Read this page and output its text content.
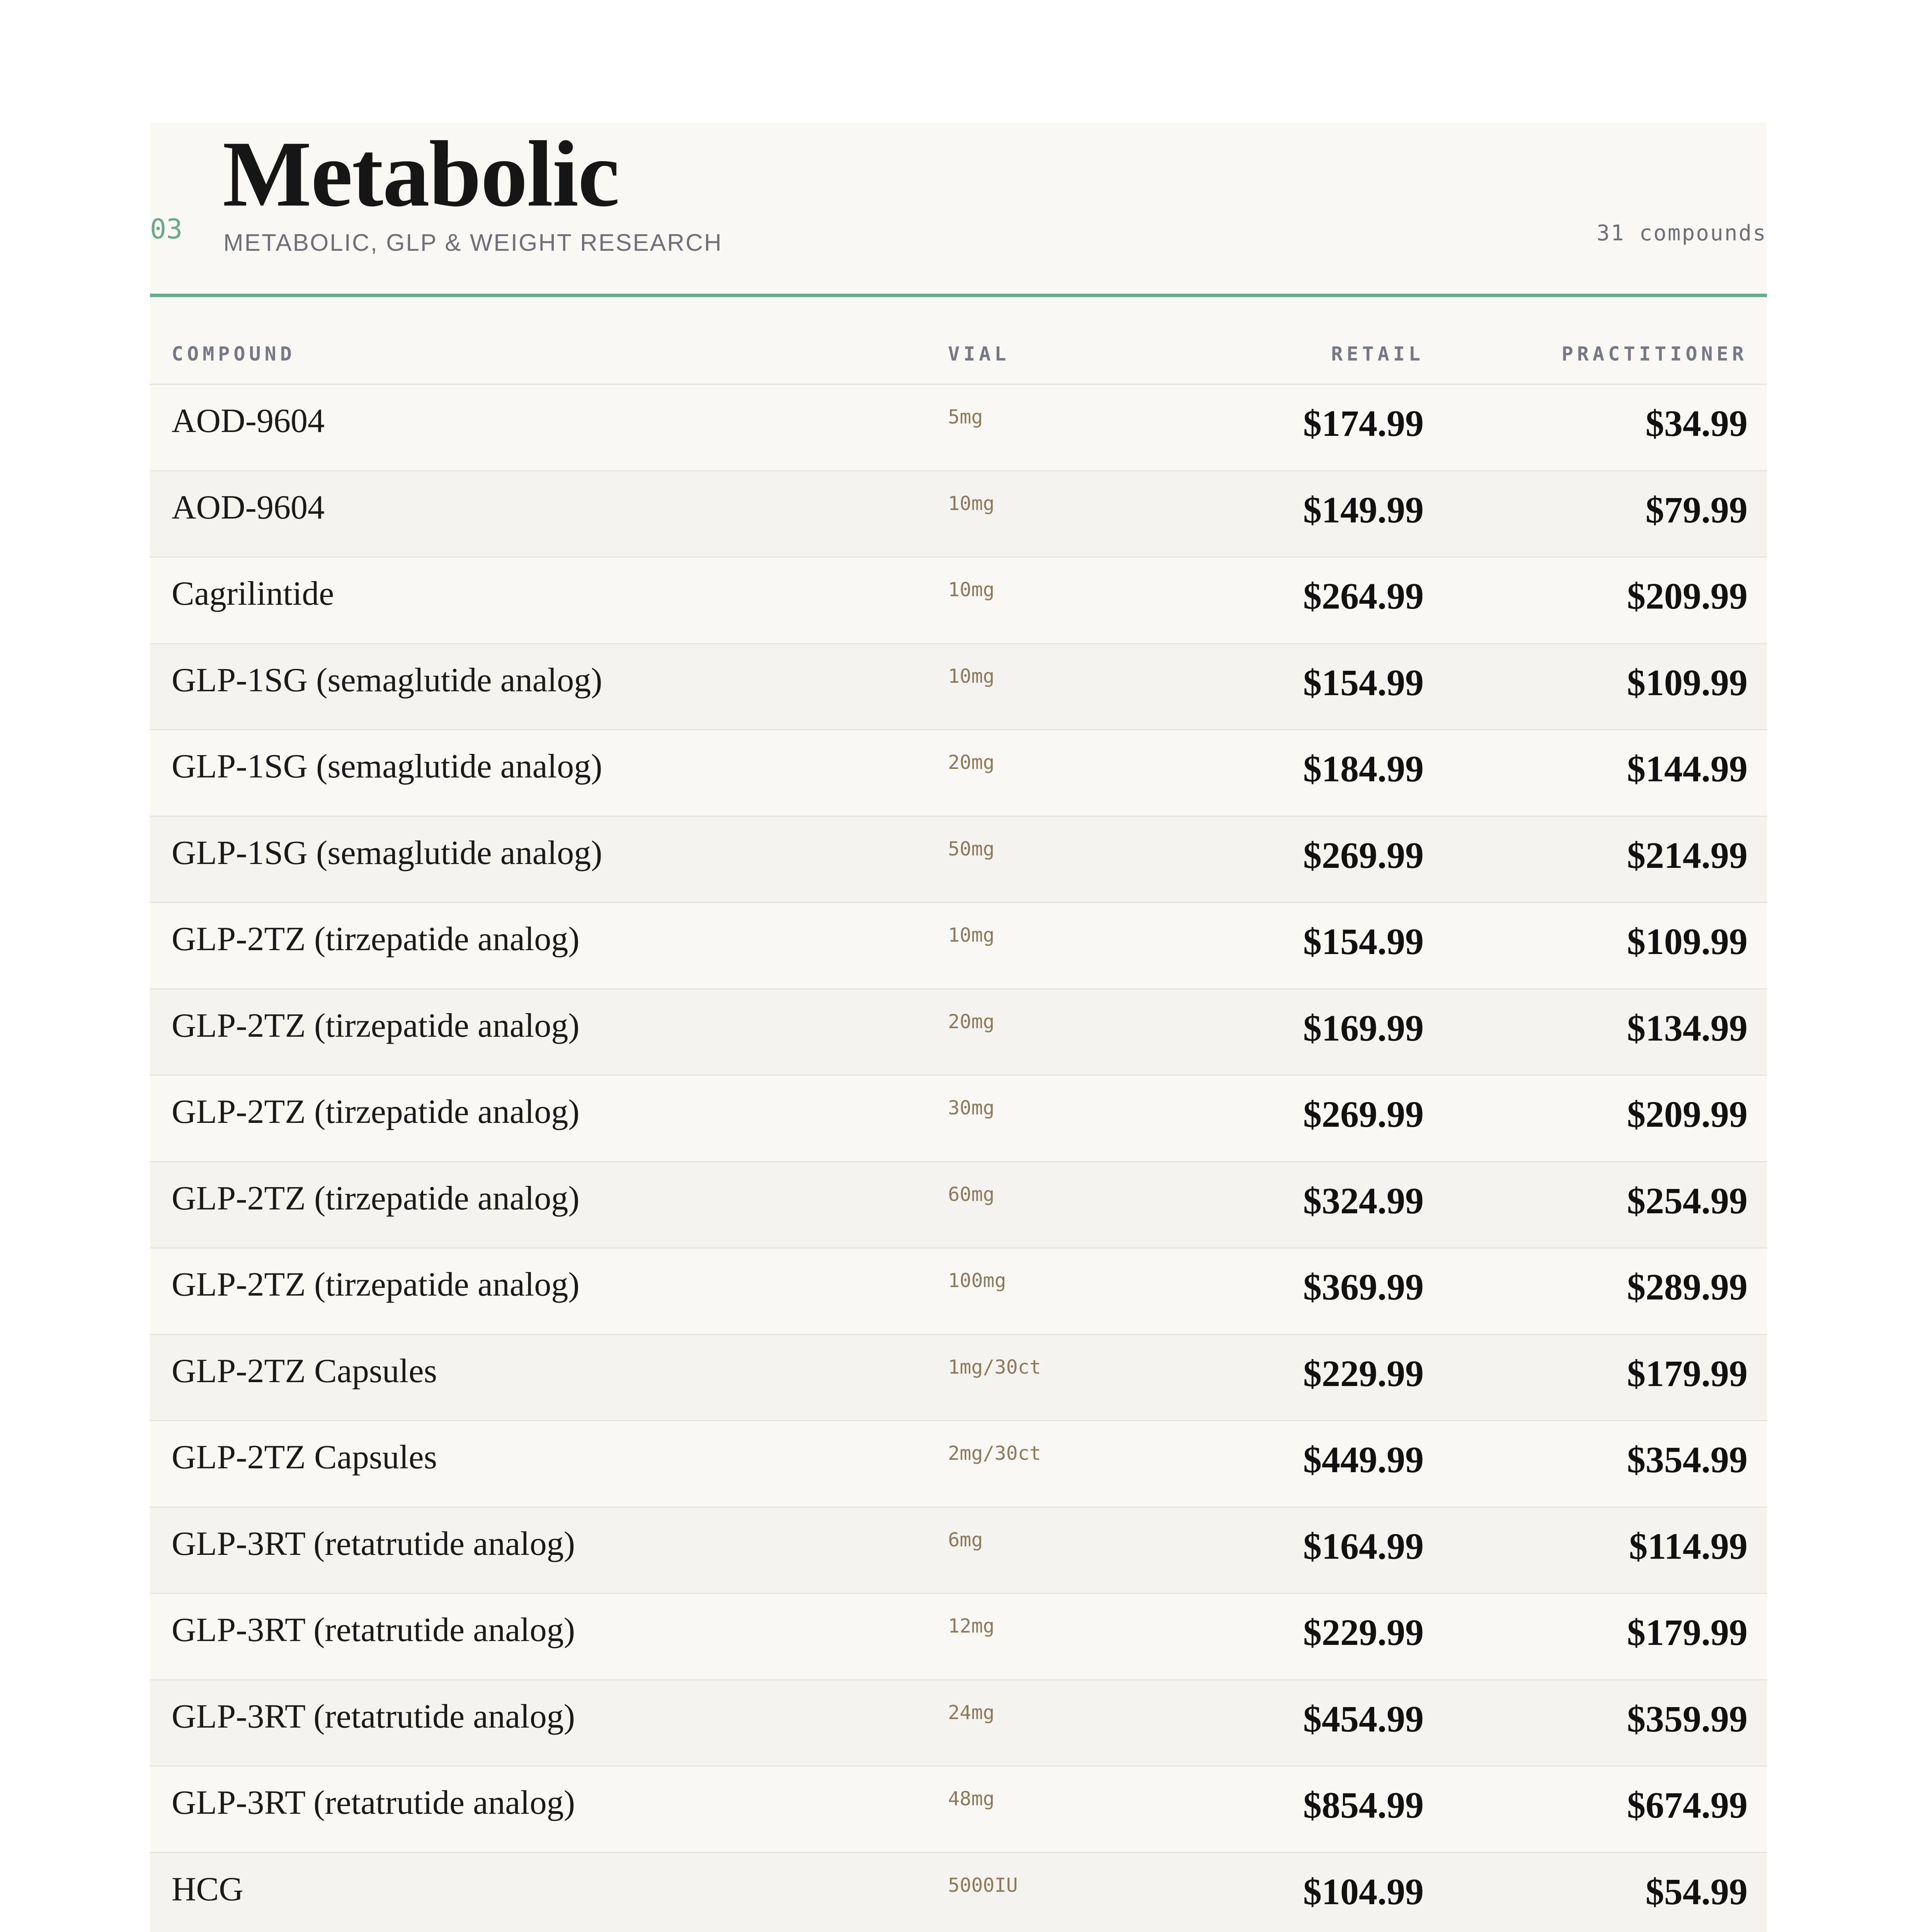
03
Metabolic
METABOLIC, GLP & WEIGHT RESEARCH	31 compounds
COMPOUND	VIAL	RETAIL	PRACTITIONER
AOD-9604	5mg	$174.99	$34.99
AOD-9604	10mg	$149.99	$79.99
Cagrilintide	10mg	$264.99	$209.99
GLP-1SG (semaglutide analog)	10mg	$154.99	$109.99
GLP-1SG (semaglutide analog)	20mg	$184.99	$144.99
GLP-1SG (semaglutide analog)	50mg	$269.99	$214.99
GLP-2TZ (tirzepatide analog)	10mg	$154.99	$109.99
GLP-2TZ (tirzepatide analog)	20mg	$169.99	$134.99
GLP-2TZ (tirzepatide analog)	30mg	$269.99	$209.99
GLP-2TZ (tirzepatide analog)	60mg	$324.99	$254.99
GLP-2TZ (tirzepatide analog)	100mg	$369.99	$289.99
GLP-2TZ Capsules	1mg/30ct	$229.99	$179.99
GLP-2TZ Capsules	2mg/30ct	$449.99	$354.99
GLP-3RT (retatrutide analog)	6mg	$164.99	$114.99
GLP-3RT (retatrutide analog)	12mg	$229.99	$179.99
GLP-3RT (retatrutide analog)	24mg	$454.99	$359.99
GLP-3RT (retatrutide analog)	48mg	$854.99	$674.99
HCG	5000IU	$104.99	$54.99
